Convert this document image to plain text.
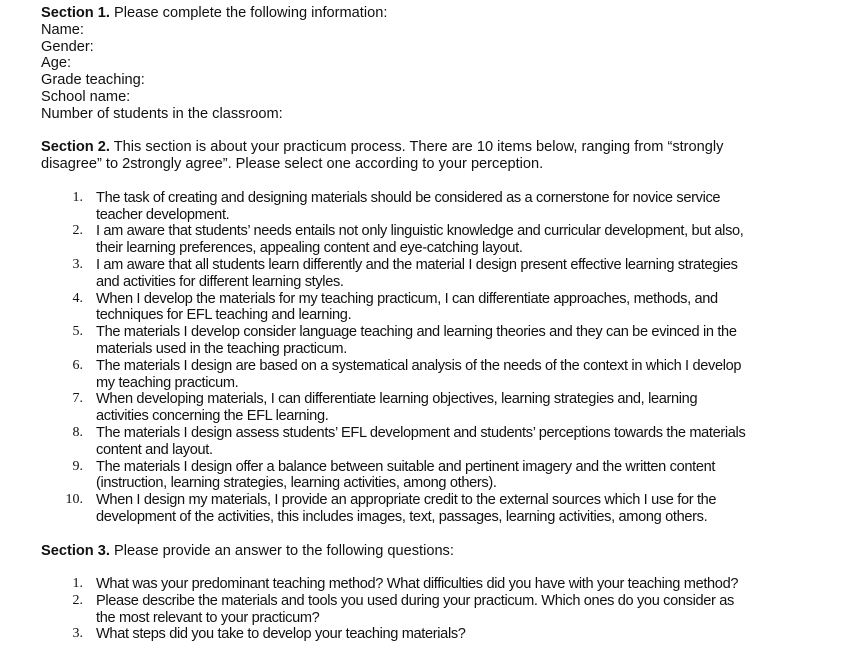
Section 1. Please complete the following information:
Name:
Gender:
Age:
Grade teaching:
School name:
Number of students in the classroom:
Section 2. This section is about your practicum process. There are 10 items below, ranging from “strongly
disagree” to 2strongly agree”. Please select one according to your perception.
1. The task of creating and designing materials should be considered as a cornerstone for novice service
teacher development.
2. I am aware that students’ needs entails not only linguistic knowledge and curricular development, but also,
their learning preferences, appealing content and eye-catching layout.
3. I am aware that all students learn differently and the material I design present effective learning strategies
and activities for different learning styles.
4. When I develop the materials for my teaching practicum, I can differentiate approaches, methods, and
techniques for EFL teaching and learning.
5. The materials I develop consider language teaching and learning theories and they can be evinced in the
materials used in the teaching practicum.
6. The materials I design are based on a systematical analysis of the needs of the context in which I develop
my teaching practicum.
7. When developing materials, I can differentiate learning objectives, learning strategies and, learning
activities concerning the EFL learning.
8. The materials I design assess students’ EFL development and students’ perceptions towards the materials
content and layout.
9. The materials I design offer a balance between suitable and pertinent imagery and the written content
(instruction, learning strategies, learning activities, among others).
10. When I design my materials, I provide an appropriate credit to the external sources which I use for the
development of the activities, this includes images, text, passages, learning activities, among others.
Section 3. Please provide an answer to the following questions:
1. What was your predominant teaching method? What difficulties did you have with your teaching method?
2. Please describe the materials and tools you used during your practicum. Which ones do you consider as
the most relevant to your practicum?
3. What steps did you take to develop your teaching materials?
